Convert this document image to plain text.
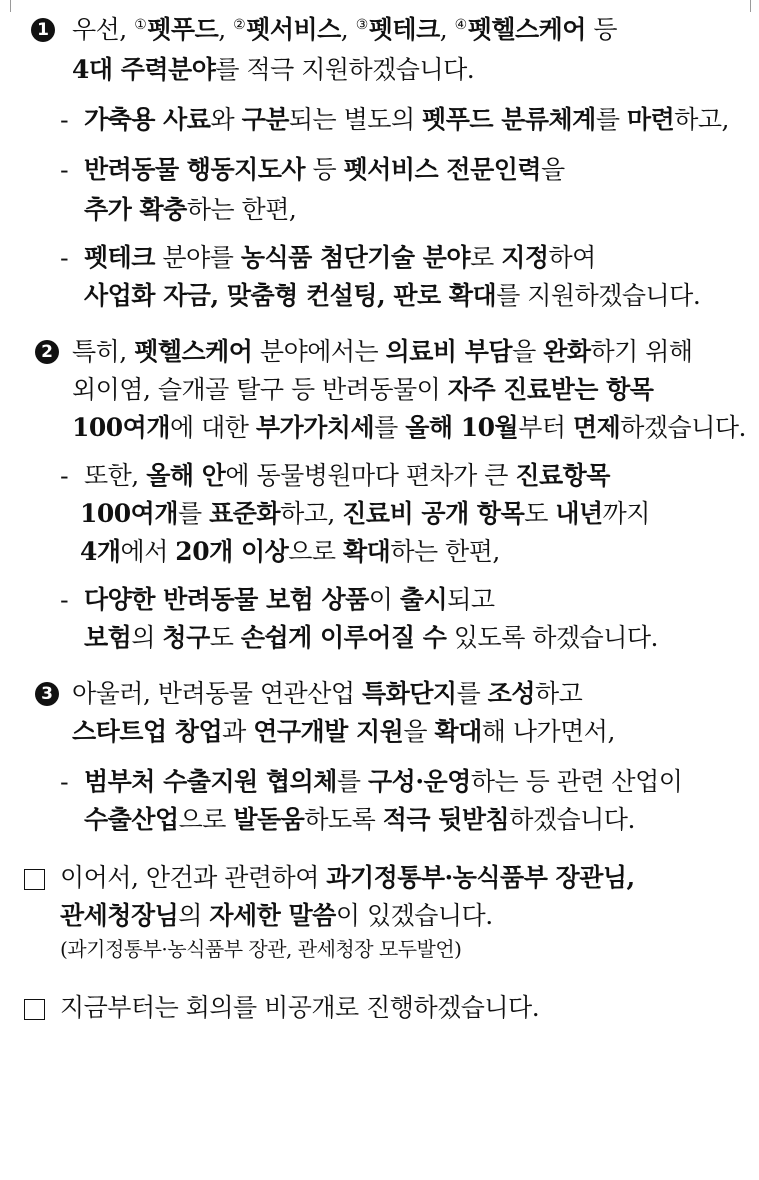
1 우선, ①펫푸드, ②펫서비스, ③펫테크, ④펫헬스케어 등
4대 주력분야를 적극 지원하겠습니다.
- 가축용 사료와 구분되는 별도의 펫푸드 분류체계를 마련하고,
- 반려동물 행동지도사 등 펫서비스 전문인력을
추가 확충하는 한편,
- 펫테크 분야를 농식품 첨단기술 분야로 지정하여
사업화 자금, 맞춤형 컨설팅, 판로 확대를 지원하겠습니다.
2 특히, 펫헬스케어 분야에서는 의료비 부담을 완화하기 위해
외이염, 슬개골 탈구 등 반려동물이 자주 진료받는 항목
100여개에 대한 부가가치세를 올해 10월부터 면제하겠습니다.
- 또한, 올해 안에 동물병원마다 편차가 큰 진료항목
100여개를 표준화하고, 진료비 공개 항목도 내년까지
4개에서 20개 이상으로 확대하는 한편,
- 다양한 반려동물 보험 상품이 출시되고
보험의 청구도 손쉽게 이루어질 수 있도록 하겠습니다.
3 아울러, 반려동물 연관산업 특화단지를 조성하고
스타트업 창업과 연구개발 지원을 확대해 나가면서,
- 범부처 수출지원 협의체를 구성·운영하는 등 관련 산업이
수출산업으로 발돋움하도록 적극 뒷받침하겠습니다.
이어서, 안건과 관련하여 과기정통부·농식품부 장관님,
관세청장님의 자세한 말씀이 있겠습니다.
(과기정통부·농식품부 장관, 관세청장 모두발언)
지금부터는 회의를 비공개로 진행하겠습니다.
